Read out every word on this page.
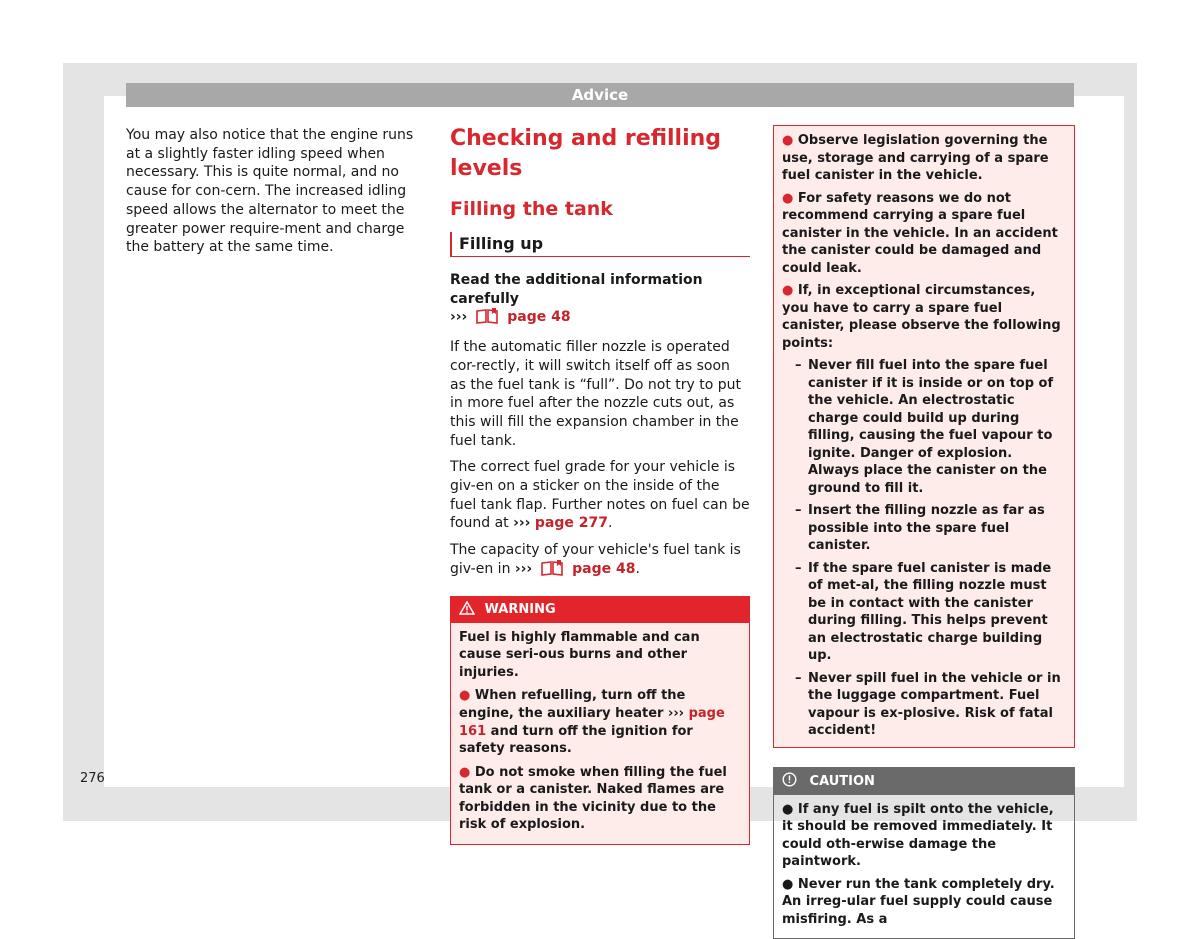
Advice

You may also notice that the engine runs at a slightly faster idling speed when necessary. This is quite normal, and no cause for con-cern. The increased idling speed allows the alternator to meet the greater power require-ment and charge the battery at the same time.

Checking and refilling levels
Filling the tank
Filling up

Read the additional information carefully
›››	page 48

If the automatic filler nozzle is operated cor-rectly, it will switch itself off as soon as the fuel tank is “full”. Do not try to put in more fuel after the nozzle cuts out, as this will fill the expansion chamber in the fuel tank.

The correct fuel grade for your vehicle is giv-en on a sticker on the inside of the fuel tank flap. Further notes on fuel can be found at ››› page 277.

The capacity of your vehicle's fuel tank is giv-en in ›››	page 48.

WARNING

Fuel is highly flammable and can cause seri-ous burns and other injuries.

● When refuelling, turn off the engine, the auxiliary heater ››› page 161 and turn off the ignition for safety reasons.

● Do not smoke when filling the fuel tank or a canister. Naked flames are forbidden in the vicinity due to the risk of explosion.

● Observe legislation governing the use, storage and carrying of a spare fuel canister in the vehicle.

● For safety reasons we do not recommend carrying a spare fuel canister in the vehicle. In an accident the canister could be damaged and could leak.

● If, in exceptional circumstances, you have to carry a spare fuel canister, please observe the following points:

– Never fill fuel into the spare fuel canister if it is inside or on top of the vehicle. An electrostatic charge could build up during filling, causing the fuel vapour to ignite. Danger of explosion. Always place the canister on the ground to fill it.

– Insert the filling nozzle as far as possible into the spare fuel canister.

– If the spare fuel canister is made of met-al, the filling nozzle must be in contact with the canister during filling. This helps prevent an electrostatic charge building up.

– Never spill fuel in the vehicle or in the luggage compartment. Fuel vapour is ex-plosive. Risk of fatal accident!

CAUTION

● If any fuel is spilt onto the vehicle, it should be removed immediately. It could oth-erwise damage the paintwork.

● Never run the tank completely dry. An irreg-ular fuel supply could cause misfiring. As a

276
